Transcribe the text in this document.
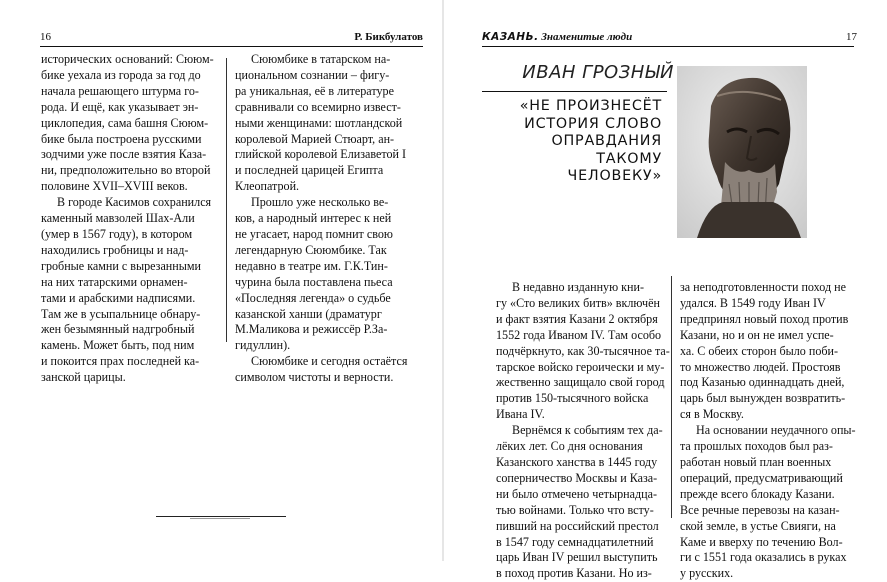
16	Р. Бикбулатов
исторических оснований: Сююм-
бике уехала из города за год до
начала решающего штурма го-
рода. И ещё, как указывает эн-
циклопедия, сама башня Сююм-
бике была построена русскими
зодчими уже после взятия Каза-
ни, предположительно во второй
половине XVII–XVIII веков.
В городе Касимов сохранился
каменный мавзолей Шах-Али
(умер в 1567 году), в котором
находились гробницы и над-
гробные камни с вырезанными
на них татарскими орнамен-
тами и арабскими надписями.
Там же в усыпальнице обнару-
жен безымянный надгробный
камень. Может быть, под ним
и покоится прах последней ка-
занской царицы.
Сююмбике в татарском на-
циональном сознании – фигу-
ра уникальная, её в литературе
сравнивали со всемирно извест-
ными женщинами: шотландской
королевой Марией Стюарт, ан-
глийской королевой Елизаветой I
и последней царицей Египта
Клеопатрой.
Прошло уже несколько ве-
ков, а народный интерес к ней
не угасает, народ помнит свою
легендарную Сююмбике. Так
недавно в театре им. Г.К.Тин-
чурина была поставлена пьеса
«Последняя легенда» о судьбе
казанской ханши (драматург
М.Маликова и режиссёр Р.За-
гидуллин).
Сююмбике и сегодня остаётся
символом чистоты и верности.
КАЗАНЬ. Знаменитые люди	17
ИВАН ГРОЗНЫЙ
«НЕ ПРОИЗНЕСЁТ
ИСТОРИЯ СЛОВО
ОПРАВДАНИЯ
ТАКОМУ
ЧЕЛОВЕКУ»
В недавно изданную кни-
гу «Сто великих битв» включён
и факт взятия Казани 2 октября
1552 года Иваном IV. Там особо
подчёркнуто, как 30-тысячное та-
тарское войско героически и му-
жественно защищало свой город
против 150-тысячного войска
Ивана IV.
Вернёмся к событиям тех да-
лёких лет. Со дня основания
Казанского ханства в 1445 году
соперничество Москвы и Каза-
ни было отмечено четырнадца-
тью войнами. Только что всту-
пивший на российский престол
в 1547 году семнадцатилетний
царь Иван IV решил выступить
в поход против Казани. Но из-
за неподготовленности поход не
удался. В 1549 году Иван IV
предпринял новый поход против
Казани, но и он не имел успе-
ха. С обеих сторон было поби-
то множество людей. Простояв
под Казанью одиннадцать дней,
царь был вынужден возвратить-
ся в Москву.
На основании неудачного опы-
та прошлых походов был раз-
работан новый план военных
операций, предусматривающий
прежде всего блокаду Казани.
Все речные перевозы на казан-
ской земле, в устье Свияги, на
Каме и вверху по течению Вол-
ги с 1551 года оказались в руках
у русских.
